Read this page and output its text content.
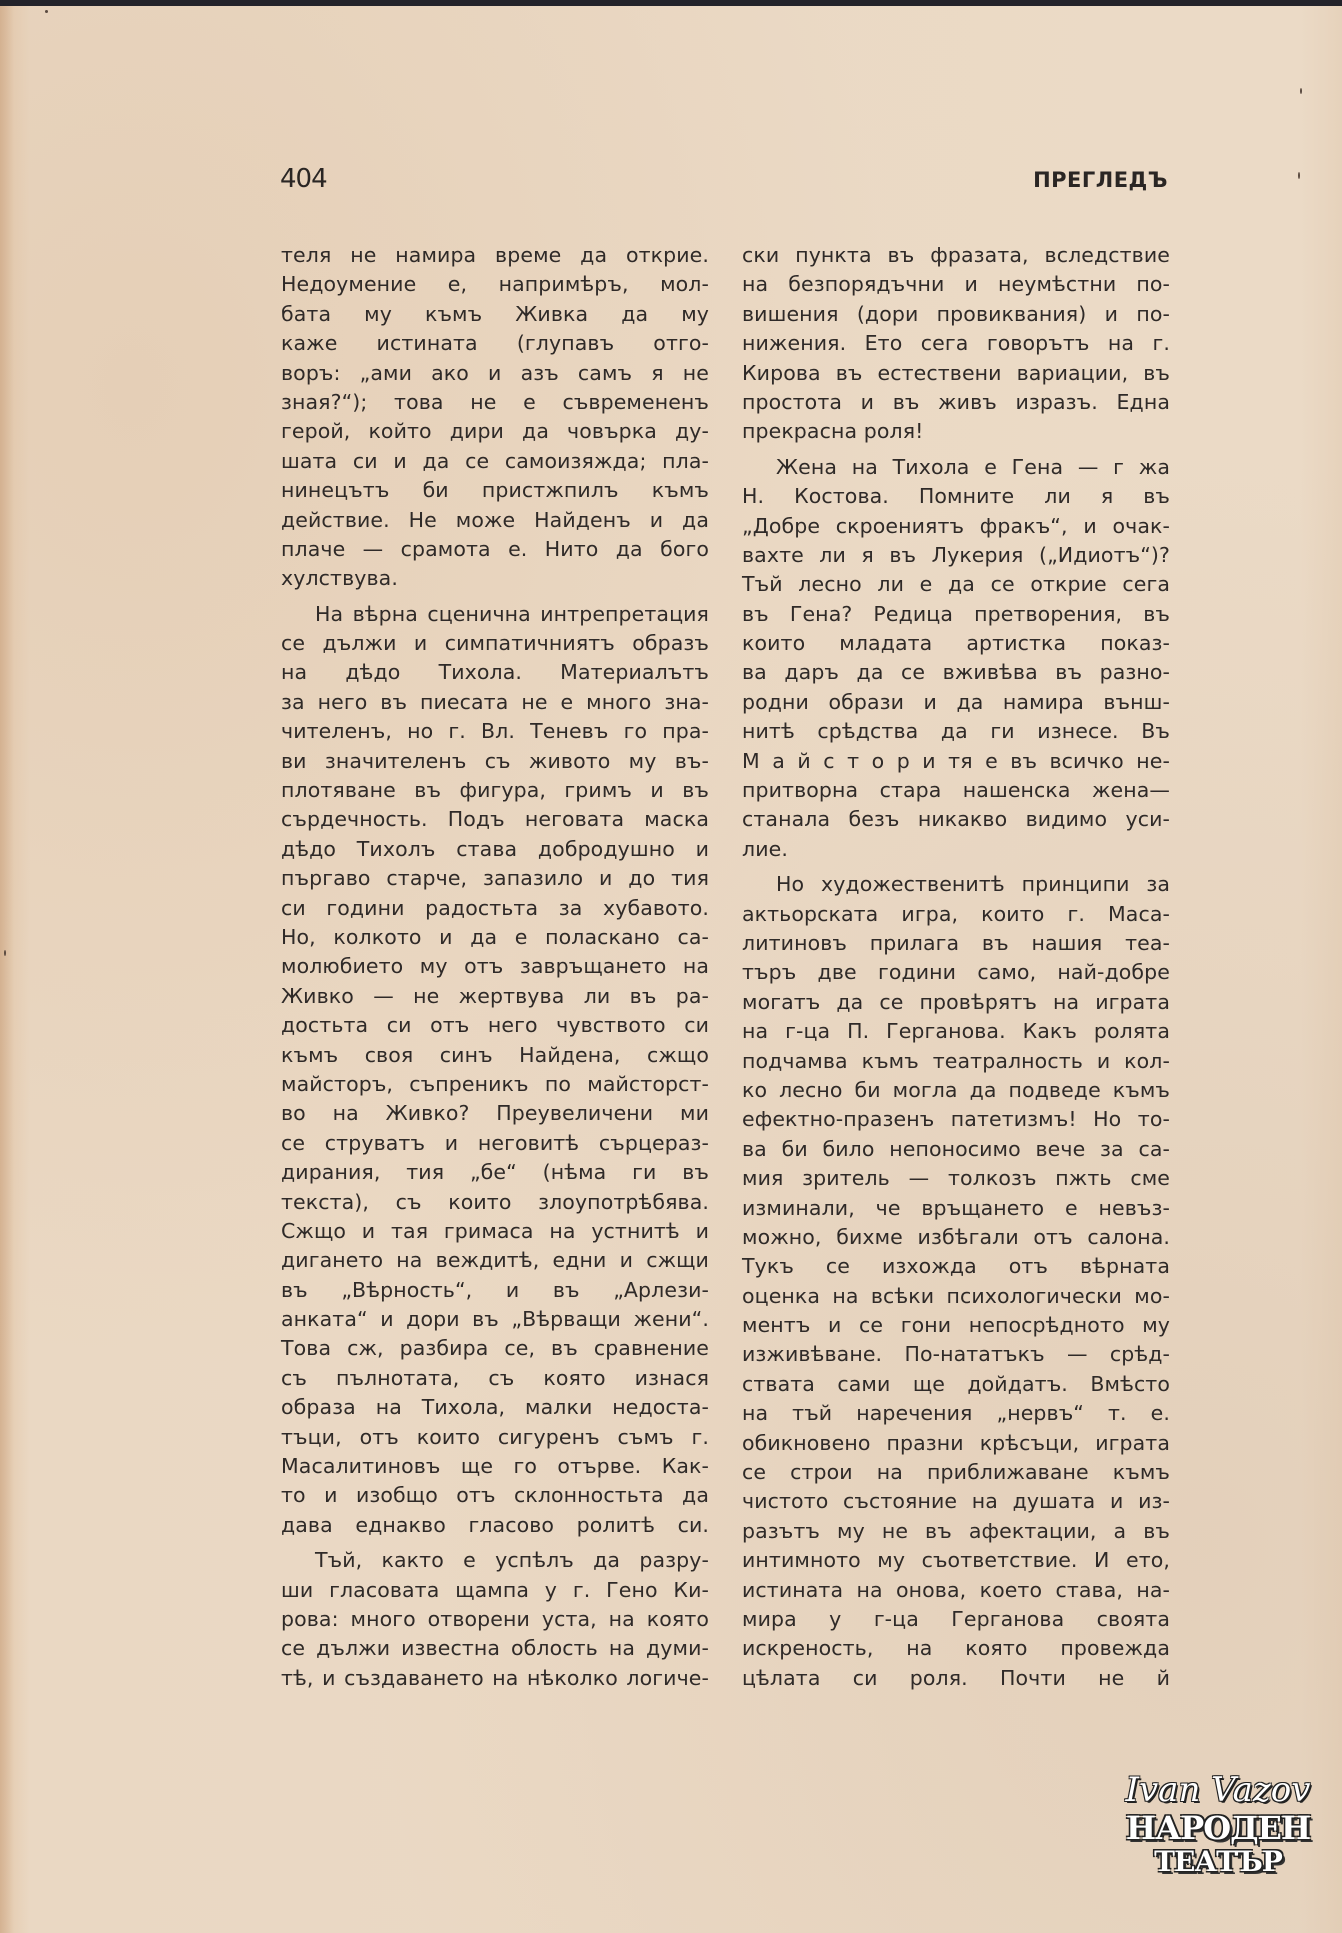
404	ПРЕГЛЕДЪ
теля не намира време да открие.
Недоумение е, напримѣръ, мол-
бата му къмъ Живка да му
каже истината (глупавъ отго-
воръ: „ами ако и азъ самъ я не
зная?“); това не е съвремененъ
герой, който дири да човърка ду-
шата си и да се самоизяжда; пла-
нинецътъ би пристжпилъ къмъ
действие. Не може Найденъ и да
плаче — срамота е. Нито да бого
хулствува.
На вѣрна сценична интрепретация
се дължи и симпатичниятъ образъ
на дѣдо Тихола. Материалътъ
за него въ пиесата не е много зна-
чителенъ, но г. Вл. Теневъ го пра-
ви значителенъ съ живото му въ-
плотяване въ фигура, гримъ и въ
сърдечность. Подъ неговата маска
дѣдо Тихолъ става добродушно и
пъргаво старче, запазило и до тия
си години радостьта за хубавото.
Но, колкото и да е поласкано са-
молюбието му отъ завръщането на
Живко — не жертвува ли въ ра-
достьта си отъ него чувството си
къмъ своя синъ Найдена, сжщо
майсторъ, съпреникъ по майсторст-
во на Живко? Преувеличени ми
се струватъ и неговитѣ сърцераз-
дирания, тия „бе“ (нѣма ги въ
текста), съ които злоупотрѣбява.
Сжщо и тая гримаса на устнитѣ и
диганeто на веждитѣ, едни и сжщи
въ „Вѣрность“, и въ „Арлези-
анката“ и дори въ „Вѣрващи жени“.
Това сж, разбира се, въ сравнение
съ пълнотата, съ която изнася
образа на Тихола, малки недоста-
тъци, отъ които сигуренъ съмъ г.
Масалитиновъ ще го отърве. Как-
то и изобщо отъ склонностьта да
дава еднакво гласово ролитѣ си.
Тъй, както е успѣлъ да разру-
ши гласовата щампа у г. Гено Ки-
рова: много отворени уста, на която
се дължи известна облость на думи-
тѣ, и създаването на нѣколко логиче-
ски пункта въ фразата, вследствие
на безпорядъчни и неумѣстни по-
вишения (дори провиквания) и по-
нижения. Ето сега говорътъ на г.
Кирова въ естествени вариации, въ
простота и въ живъ изразъ. Една
прекрасна роля!
Жена на Тихола е Гена — г жа
Н. Костова. Помните ли я въ
„Добре скроениятъ фракъ“, и очак-
вахте ли я въ Лукерия („Идиотъ“)?
Тъй лесно ли е да се открие сега
въ Гена? Редица претворения, въ
които младата артистка показ-
ва даръ да се вживѣва въ разно-
родни образи и да намира външ-
нитѣ срѣдства да ги изнесе. Въ
М а й с т о р и тя е въ всичко не-
притворна стара нашенска жена—
станала безъ никакво видимо уси-
лие.
Но художественитѣ принципи за
актьорската игра, които г. Маса-
литиновъ прилага въ нашия теа-
търъ две години само, най-добре
могатъ да се провѣрятъ на играта
на г-ца П. Герганова. Какъ ролята
подчамва къмъ театралность и кол-
ко лесно би могла да подведе къмъ
ефектно-празенъ патетизмъ! Но то-
ва би било непоносимо вече за са-
мия зритель — толкозъ пжть сме
изминали, че връщането е невъз-
можно, бихме избѣгали отъ салона.
Тукъ се изхожда отъ вѣрната
оценка на всѣки психологически мо-
ментъ и се гони непосрѣдното му
изживѣване. По-нататъкъ — срѣд-
ствата сами ще дойдатъ. Вмѣсто
на тъй наречения „нервъ“ т. е.
обикновено празни крѣсъци, играта
се строи на приближаване къмъ
чистото състояние на душата и из-
разътъ му не въ афектации, а въ
интимното му съответствие. И ето,
истината на онова, което става, на-
мира у г-ца Герганова своята
искреность, на която провежда
цѣлата си роля. Почти не й
Ivan Vazov
НАРОДЕН
ТЕАТЪР
